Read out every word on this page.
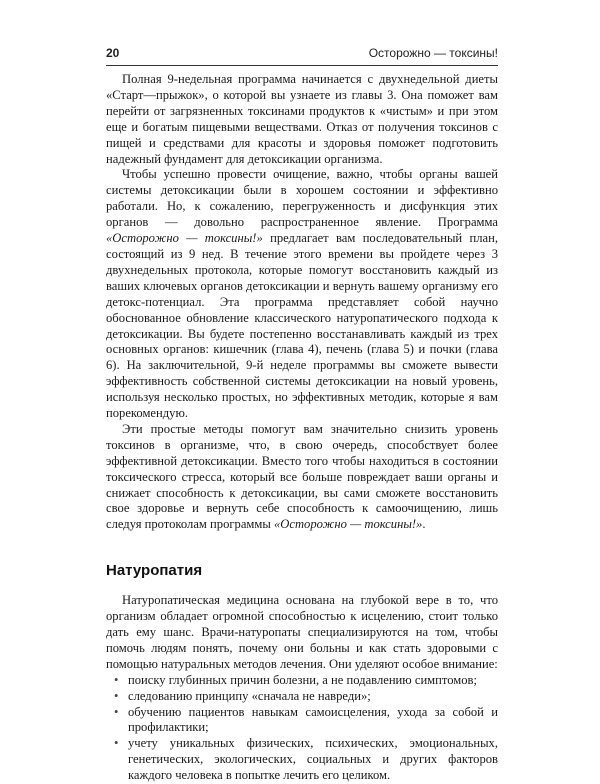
20	Осторожно — токсины!

Полная 9-недельная программа начинается с двухнедельной диеты «Старт—прыжок», о которой вы узнаете из главы 3. Она поможет вам перейти от загрязненных токсинами продуктов к «чистым» и при этом еще и богатым пищевыми веществами. Отказ от получения токсинов с пищей и средствами для красоты и здоровья поможет подготовить надежный фундамент для детоксикации организма.

Чтобы успешно провести очищение, важно, чтобы органы вашей системы детоксикации были в хорошем состоянии и эффективно работали. Но, к сожалению, перегруженность и дисфункция этих органов — довольно распространенное явление. Программа «Осторожно — токсины!» предлагает вам последовательный план, состоящий из 9 нед. В течение этого времени вы пройдете через 3 двухнедельных протокола, которые помогут восстановить каждый из ваших ключевых органов детоксикации и вернуть вашему организму его детокс-потенциал. Эта программа представляет собой научно обоснованное обновление классического натуропатического подхода к детоксикации. Вы будете постепенно восстанавливать каждый из трех основных органов: кишечник (глава 4), печень (глава 5) и почки (глава 6). На заключительной, 9-й неделе программы вы сможете вывести эффективность собственной системы детоксикации на новый уровень, используя несколько простых, но эффективных методик, которые я вам порекомендую.

Эти простые методы помогут вам значительно снизить уровень токсинов в организме, что, в свою очередь, способствует более эффективной детоксикации. Вместо того чтобы находиться в состоянии токсического стресса, который все больше повреждает ваши органы и снижает способность к детоксикации, вы сами сможете восстановить свое здоровье и вернуть себе способность к самоочищению, лишь следуя протоколам программы «Осторожно — токсины!».

Натуропатия

Натуропатическая медицина основана на глубокой вере в то, что организм обладает огромной способностью к исцелению, стоит только дать ему шанс. Врачи-натуропаты специализируются на том, чтобы помочь людям понять, почему они больны и как стать здоровыми с помощью натуральных методов лечения. Они уделяют особое внимание:

• поиску глубинных причин болезни, а не подавлению симптомов;
• следованию принципу «сначала не навреди»;
• обучению пациентов навыкам самоисцеления, ухода за собой и профилактики;
• учету уникальных физических, психических, эмоциональных, генетических, экологических, социальных и других факторов каждого человека в попытке лечить его целиком.
